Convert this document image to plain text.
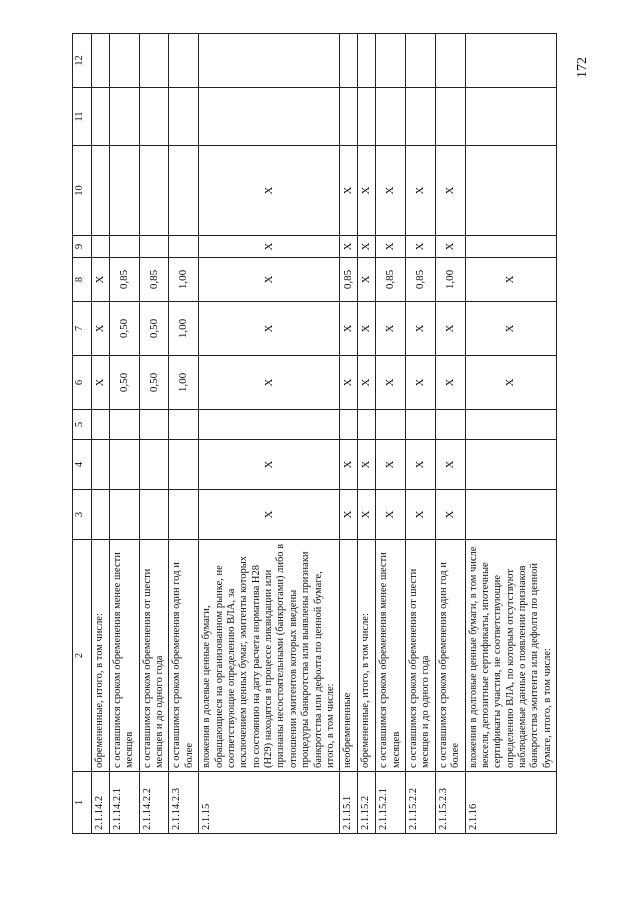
1	2	3	4	5	6	7	8	9	10	11	12
2.1.14.2	обремененные, итого, в том числе:				X	X	X				
2.1.14.2.1	с оставшимся сроком обременения менее шести месяцев				0,50	0,50	0,85				
2.1.14.2.2	с оставшимся сроком обременения от шести месяцев и до одного года				0,50	0,50	0,85				
2.1.14.2.3	с оставшимся сроком обременения один год и более				1,00	1,00	1,00				
2.1.15	вложения в долевые ценные бумаги, обращающиеся на организованном рынке, не соответствующие определению ВЛА, за исключением ценных бумаг, эмитенты которых по состоянию на дату расчета норматива Н28 (Н29) находятся в процессе ликвидации или признаны несостоятельными (банкротами) либо в отношении эмитентов которых введены процедуры банкротства или выявлены признаки банкротства или дефолта по ценной бумаге, итого, в том числе:	X	X		X	X	X	X	X		
2.1.15.1	необремененные	X	X		X	X	0,85	X	X		
2.1.15.2	обремененные, итого, в том числе:	X	X		X	X	X	X	X		
2.1.15.2.1	с оставшимся сроком обременения менее шести месяцев	X	X		X	X	0,85	X	X		
2.1.15.2.2	с оставшимся сроком обременения от шести месяцев и до одного года	X	X		X	X	0,85	X	X		
2.1.15.2.3	с оставшимся сроком обременения один год и более	X	X		X	X	1,00	X	X		
2.1.16	вложения в долговые ценные бумаги, в том числе векселя, депозитные сертификаты, ипотечные сертификаты участия, не соответствующие определению ВЛА, по которым отсутствуют наблюдаемые данные о появлении признаков банкротства эмитента или дефолта по ценной бумаге, итого, в том числе:				X	X	X				
172
